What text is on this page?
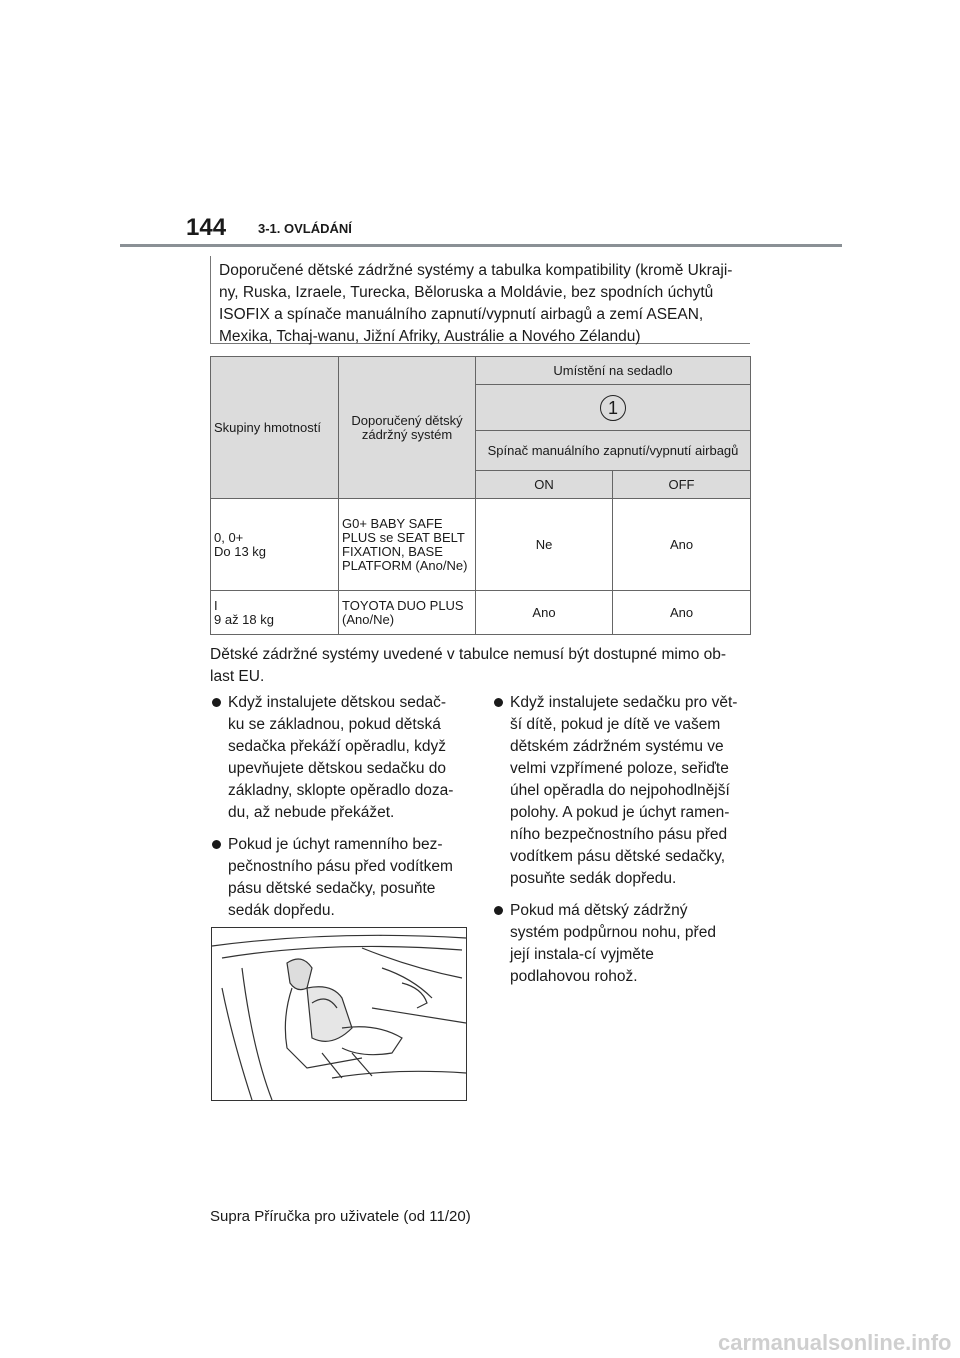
144 3-1. OVLÁDÁNÍ
Doporučené dětské zádržné systémy a tabulka kompatibility (kromě Ukraji-ny, Ruska, Izraele, Turecka, Běloruska a Moldávie, bez spodních úchytů ISOFIX a spínače manuálního zapnutí/vypnutí airbagů a zemí ASEAN, Mexika, Tchaj-wanu, Jižní Afriky, Austrálie a Nového Zélandu)
Skupiny hmotností	Doporučený dětský zádržný systém	Umístění na sedadlo	
		1	
		Spínač manuálního zapnutí/vypnutí airbagů	
		ON	OFF
0, 0+
Do 13 kg	G0+ BABY SAFE PLUS se SEAT BELT FIXATION, BASE PLATFORM (Ano/Ne)	Ne	Ano
I
9 až 18 kg	TOYOTA DUO PLUS (Ano/Ne)	Ano	Ano
Dětské zádržné systémy uvedené v tabulce nemusí být dostupné mimo ob-last EU.
Když instalujete dětskou sedač-ku se základnou, pokud dětská sedačka překáží opěradlu, když upevňujete dětskou sedačku do základny, sklopte opěradlo doza-du, až nebude překážet.
Pokud je úchyt ramenního bez-pečnostního pásu před vodítkem pásu dětské sedačky, posuňte sedák dopředu.
Když instalujete sedačku pro vět-ší dítě, pokud je dítě ve vašem dětském zádržném systému ve velmi vzpřímené poloze, seřiďte úhel opěradla do nejpohodlnější polohy. A pokud je úchyt ramen-ního bezpečnostního pásu před vodítkem pásu dětské sedačky, posuňte sedák dopředu.
Pokud má dětský zádržný systém podpůrnou nohu, před její instala-cí vyjměte podlahovou rohož.
Supra Příručka pro uživatele (od 11/20)
carmanualsonline.info
